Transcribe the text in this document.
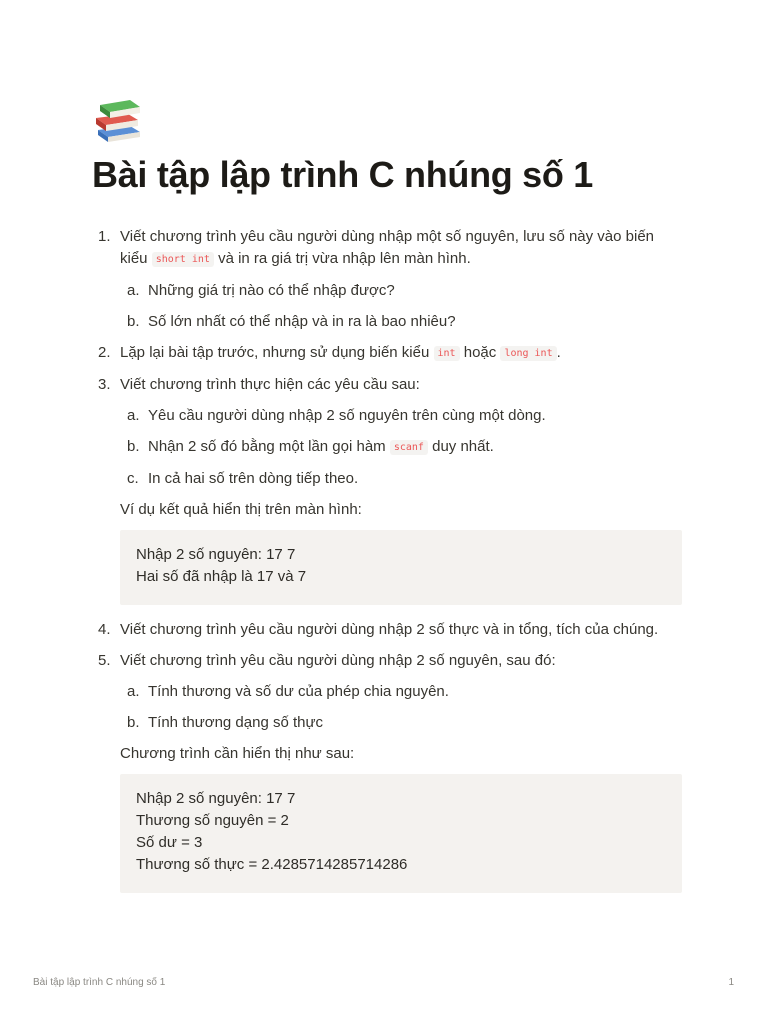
Bài tập lập trình C nhúng số 1
1. Viết chương trình yêu cầu người dùng nhập một số nguyên, lưu số này vào biến kiểu short int và in ra giá trị vừa nhập lên màn hình.
a. Những giá trị nào có thể nhập được?
b. Số lớn nhất có thể nhập và in ra là bao nhiêu?
2. Lặp lại bài tập trước, nhưng sử dụng biến kiểu int hoặc long int .
3. Viết chương trình thực hiện các yêu cầu sau:
a. Yêu cầu người dùng nhập 2 số nguyên trên cùng một dòng.
b. Nhận 2 số đó bằng một lần gọi hàm scanf duy nhất.
c. In cả hai số trên dòng tiếp theo.
Ví dụ kết quả hiển thị trên màn hình:
Nhập 2 số nguyên: 17 7
Hai số đã nhập là 17 và 7
4. Viết chương trình yêu cầu người dùng nhập 2 số thực và in tổng, tích của chúng.
5. Viết chương trình yêu cầu người dùng nhập 2 số nguyên, sau đó:
a. Tính thương và số dư của phép chia nguyên.
b. Tính thương dạng số thực
Chương trình cần hiển thị như sau:
Nhập 2 số nguyên: 17 7
Thương số nguyên = 2
Số dư = 3
Thương số thực = 2.4285714285714286
Bài tập lập trình C nhúng số 1	1
